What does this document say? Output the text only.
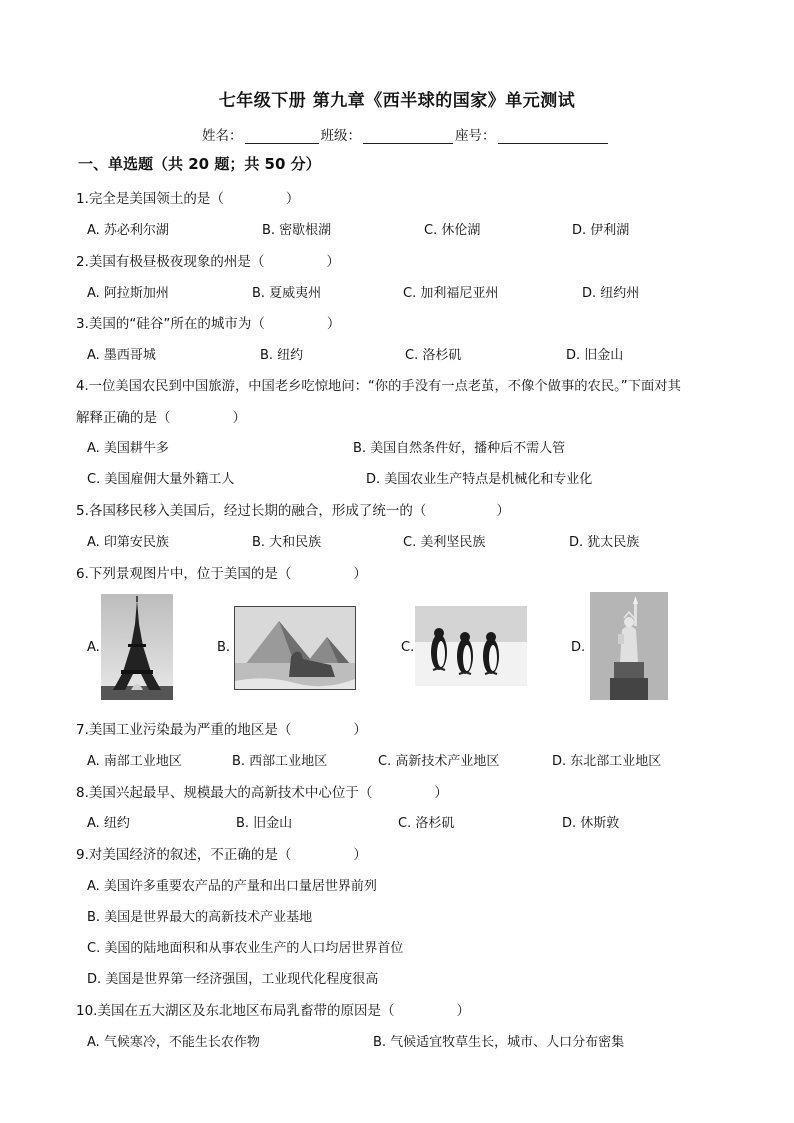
七年级下册 第九章《西半球的国家》单元测试
姓名：	班级：	座号：
一、单选题（共 20 题；共 50 分）
1.完全是美国领土的是（	）
A. 苏必利尔湖	B. 密歇根湖	C. 休伦湖	D. 伊利湖
2.美国有极昼极夜现象的州是（	）
A. 阿拉斯加州	B. 夏威夷州	C. 加利福尼亚州	D. 纽约州
3.美国的“硅谷”所在的城市为（	）
A. 墨西哥城	B. 纽约	C. 洛杉矶	D. 旧金山
4.一位美国农民到中国旅游，中国老乡吃惊地问：“你的手没有一点老茧，不像个做事的农民。”下面对其
解释正确的是（	）
A. 美国耕牛多	B. 美国自然条件好，播种后不需人管
C. 美国雇佣大量外籍工人	D. 美国农业生产特点是机械化和专业化
5.各国移民移入美国后，经过长期的融合，形成了统一的（	）
A. 印第安民族	B. 大和民族	C. 美利坚民族	D. 犹太民族
6.下列景观图片中，位于美国的是（	）
A.	B.	C.	D.
7.美国工业污染最为严重的地区是（	）
A. 南部工业地区	B. 西部工业地区	C. 高新技术产业地区	D. 东北部工业地区
8.美国兴起最早、规模最大的高新技术中心位于（	）
A. 纽约	B. 旧金山	C. 洛杉矶	D. 休斯敦
9.对美国经济的叙述，不正确的是（	）
A. 美国许多重要农产品的产量和出口量居世界前列
B. 美国是世界最大的高新技术产业基地
C. 美国的陆地面积和从事农业生产的人口均居世界首位
D. 美国是世界第一经济强国，工业现代化程度很高
10.美国在五大湖区及东北地区布局乳畜带的原因是（	）
A. 气候寒冷，不能生长农作物	B. 气候适宜牧草生长，城市、人口分布密集
